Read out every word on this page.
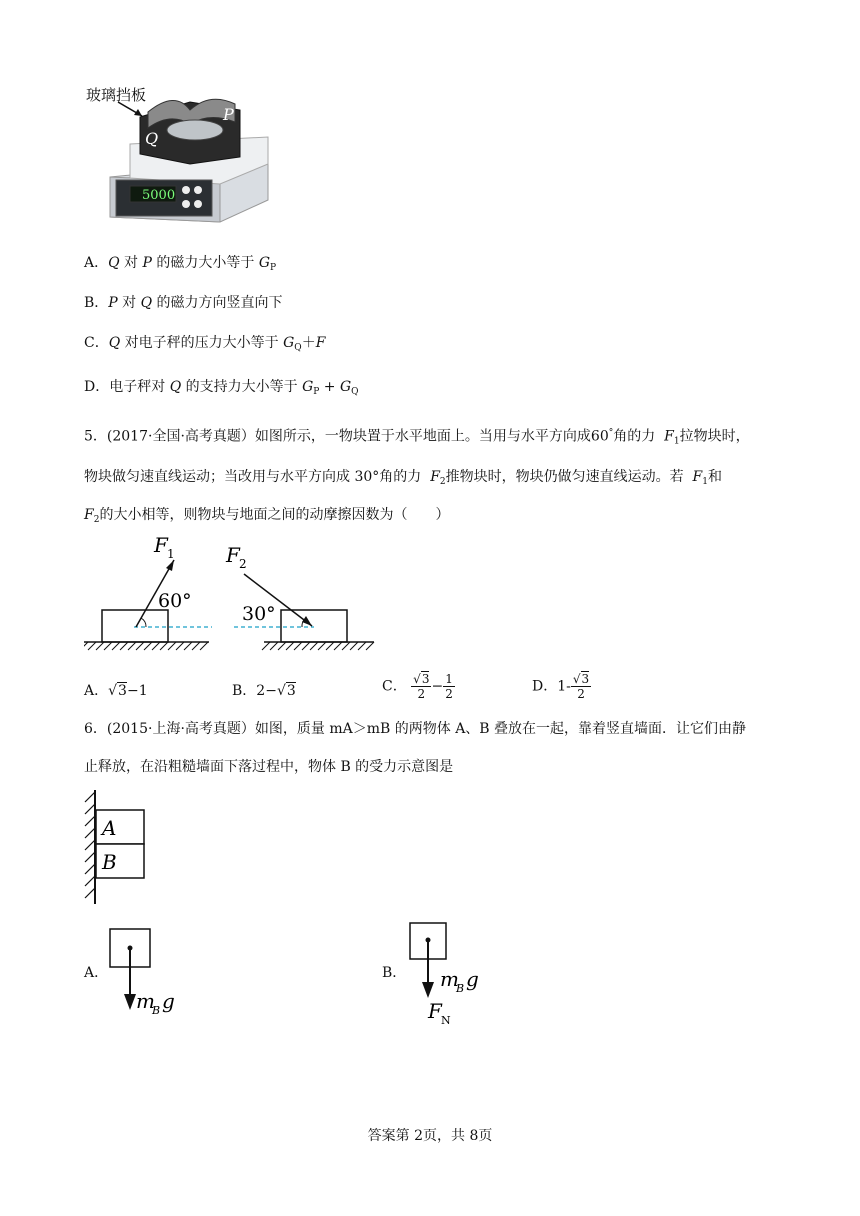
5000
Q
P
玻璃挡板
A．Q 对 P 的磁力大小等于 $G_P$
B．P 对 Q 的磁力方向竖直向下
C．Q 对电子秤的压力大小等于 $G_Q+F$
D．电子秤对 Q 的支持力大小等于 $G_P + G_Q$
5．(2017·全国·高考真题）如图所示，一物块置于水平地面上。当用与水平方向成60°角的力 $F_1$拉物块时，
物块做匀速直线运动；当改用与水平方向成 30°角的力 $F_2$推物块时，物块仍做匀速直线运动。若 $F_1$和
$F_2$的大小相等，则物块与地面之间的动摩擦因数为（　　）
F 1
60°
F 2
30°
A．√3−1	B．2−√3	C． $\frac{√3}{2} - \frac{1}{2}$	D．$1- \frac{√3}{2}$
6．(2015·上海·高考真题）如图，质量 mA＞mB 的两物体 A、B 叠放在一起，靠着竖直墙面．让它们由静
止释放，在沿粗糙墙面下落过程中，物体 B 的受力示意图是
A
B
A．
m
B g
B． m
B g
F N
答案第 2页，共 8页
